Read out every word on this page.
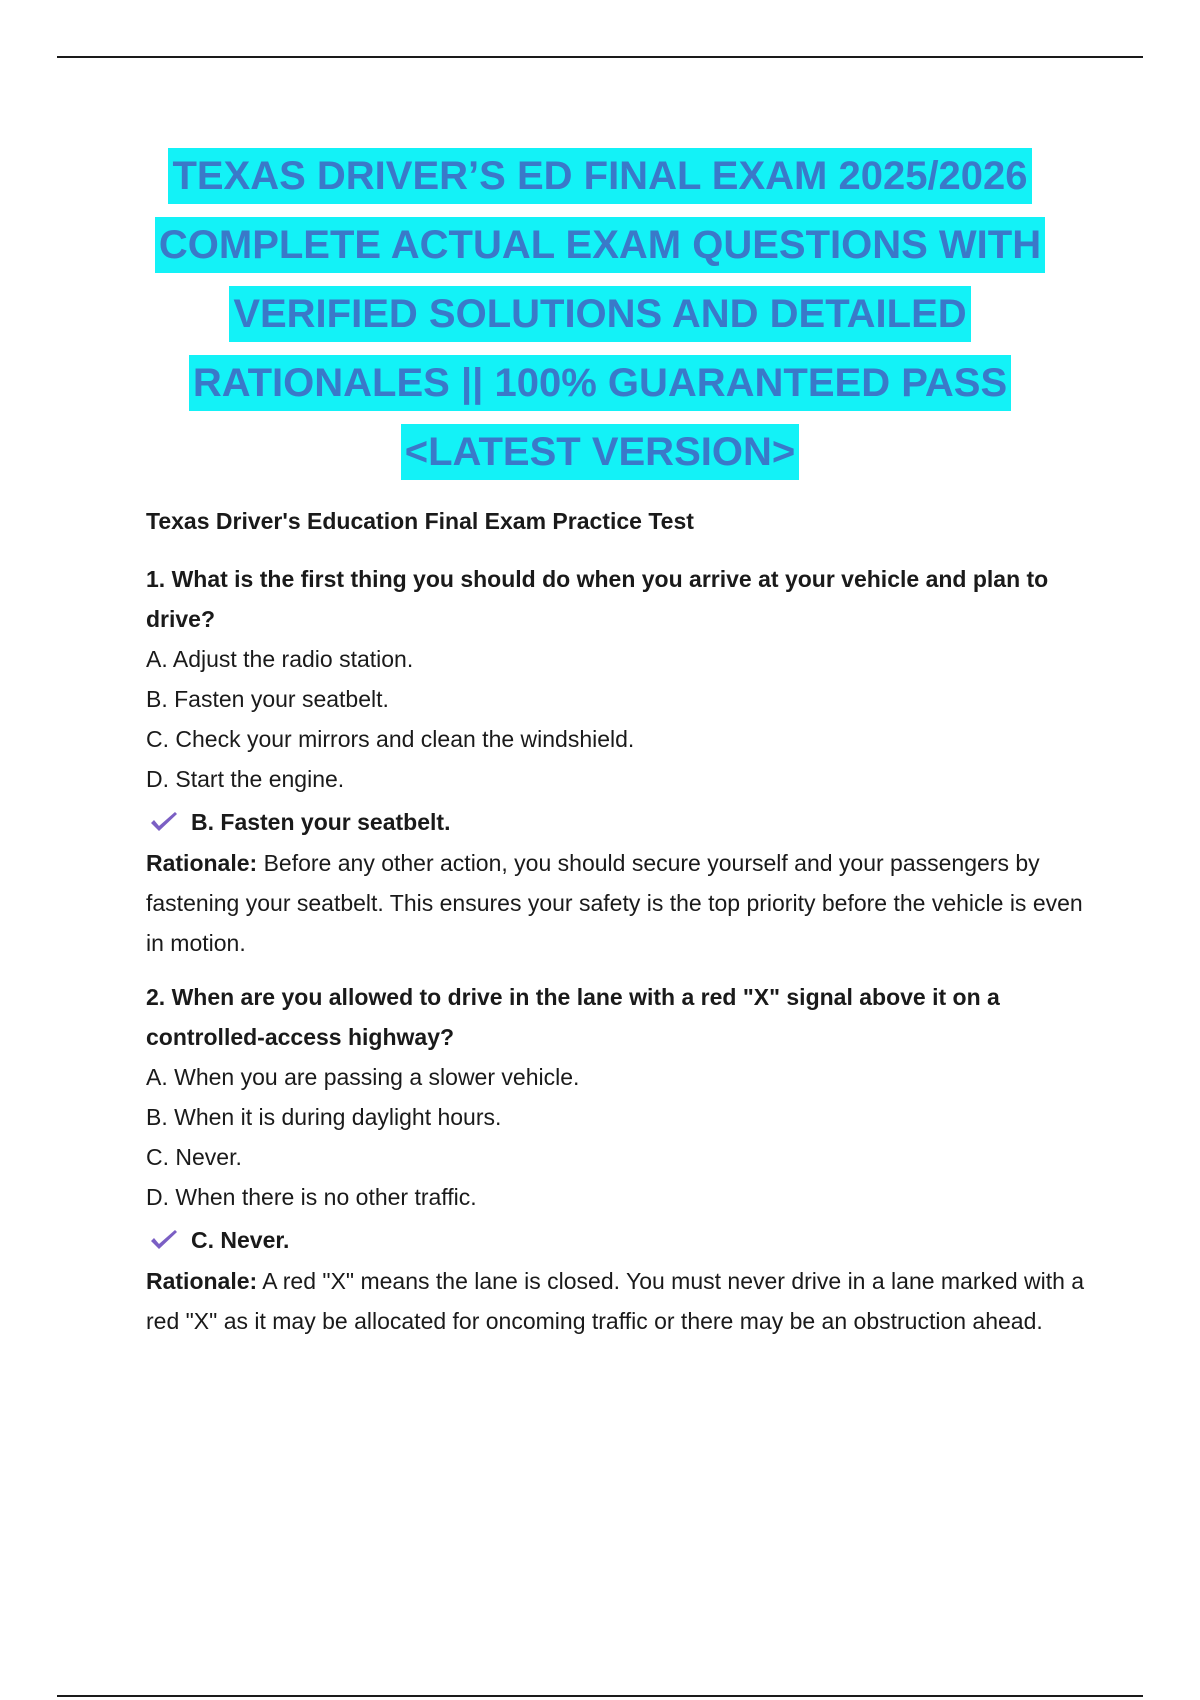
TEXAS DRIVER’S ED FINAL EXAM 2025/2026
COMPLETE ACTUAL EXAM QUESTIONS WITH
VERIFIED SOLUTIONS AND DETAILED
RATIONALES || 100% GUARANTEED PASS
<LATEST VERSION>

Texas Driver's Education Final Exam Practice Test

1. What is the first thing you should do when you arrive at your vehicle and plan to drive?

A. Adjust the radio station.

B. Fasten your seatbelt.

C. Check your mirrors and clean the windshield.

D. Start the engine.

B. Fasten your seatbelt.

Rationale: Before any other action, you should secure yourself and your passengers by fastening your seatbelt. This ensures your safety is the top priority before the vehicle is even in motion.

2. When are you allowed to drive in the lane with a red "X" signal above it on a controlled-access highway?

A. When you are passing a slower vehicle.

B. When it is during daylight hours.

C. Never.

D. When there is no other traffic.

C. Never.

Rationale: A red "X" means the lane is closed. You must never drive in a lane marked with a red "X" as it may be allocated for oncoming traffic or there may be an obstruction ahead.
